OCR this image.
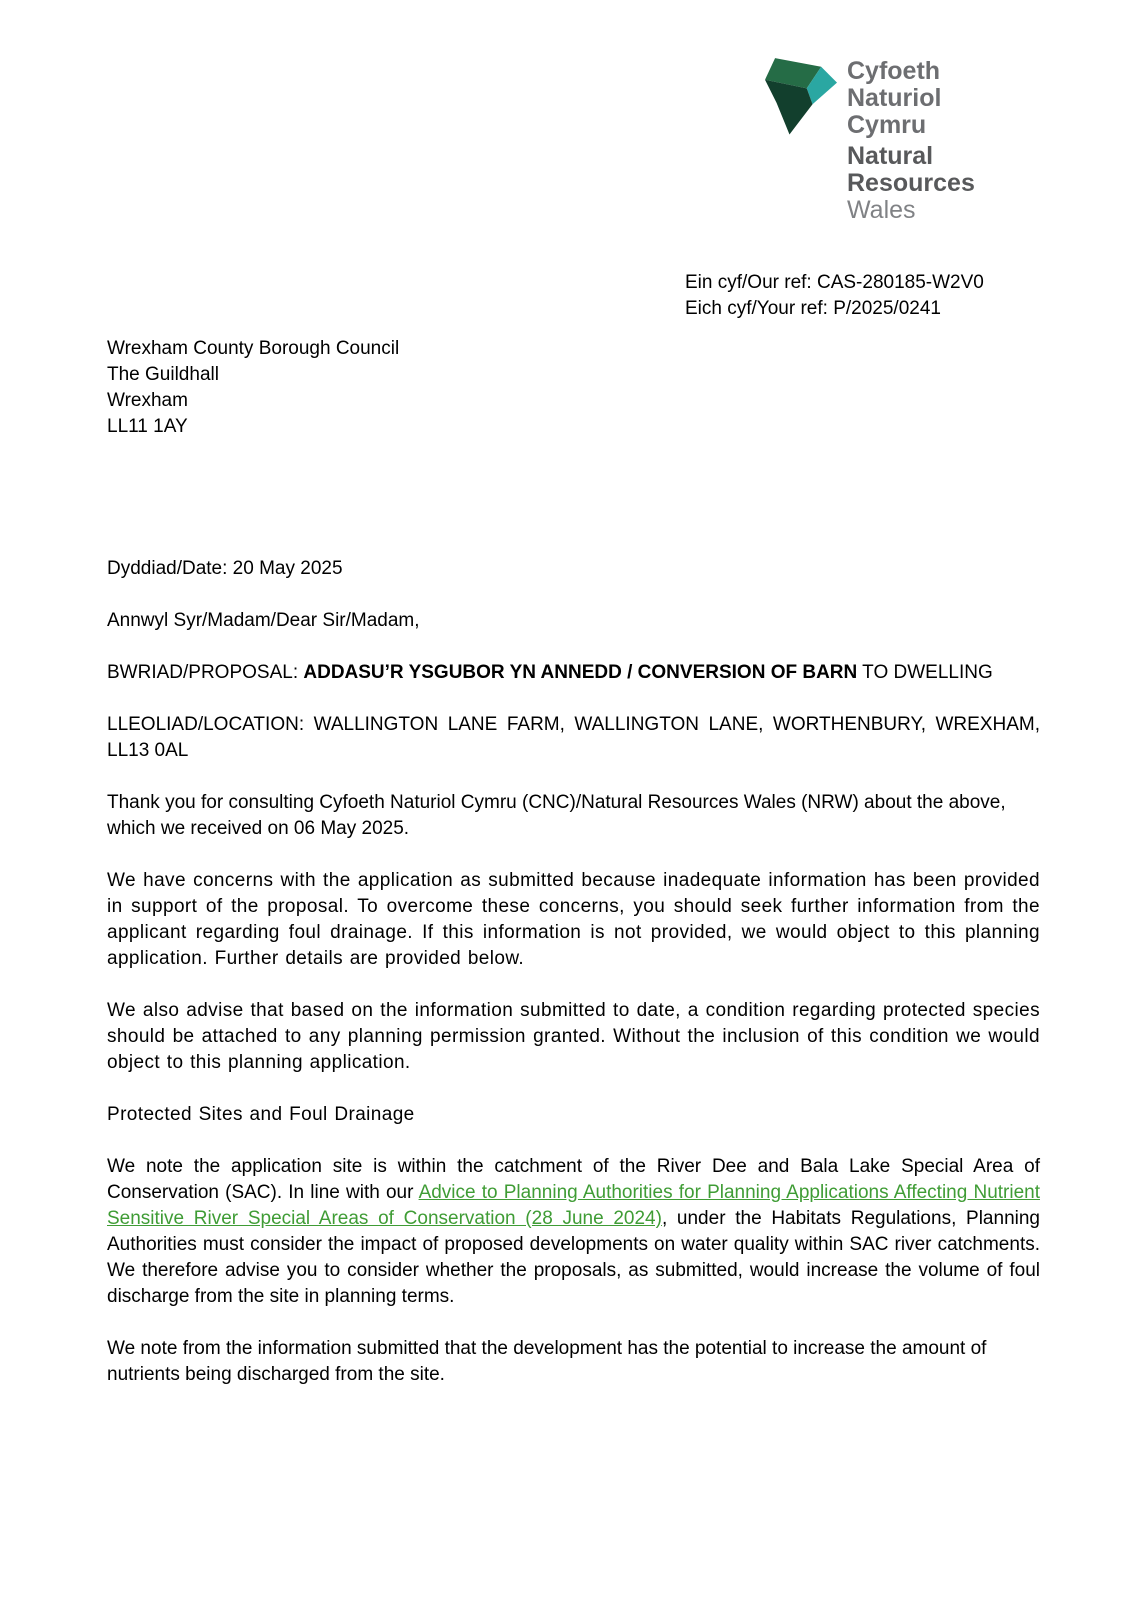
Cyfoeth
Naturiol
Cymru
Natural
Resources
Wales
Ein cyf/Our ref: CAS-280185-W2V0
Eich cyf/Your ref: P/2025/0241

Wrexham County Borough Council

The Guildhall

Wrexham

LL11 1AY

Dyddiad/Date: 20 May 2025

Annwyl Syr/Madam/Dear Sir/Madam,

BWRIAD/PROPOSAL: ADDASU’R YSGUBOR YN ANNEDD / CONVERSION OF BARN TO DWELLING

LLEOLIAD/LOCATION: WALLINGTON LANE FARM, WALLINGTON LANE, WORTHENBURY, WREXHAM, LL13 0AL

Thank you for consulting Cyfoeth Naturiol Cymru (CNC)/Natural Resources Wales (NRW) about the above, which we received on 06 May 2025.

We have concerns with the application as submitted because inadequate information has been provided in support of the proposal. To overcome these concerns, you should seek further information from the applicant regarding foul drainage. If this information is not provided, we would object to this planning application. Further details are provided below.

We also advise that based on the information submitted to date, a condition regarding protected species should be attached to any planning permission granted. Without the inclusion of this condition we would object to this planning application.

Protected Sites and Foul Drainage

We note the application site is within the catchment of the River Dee and Bala Lake Special Area of Conservation (SAC). In line with our Advice to Planning Authorities for Planning Applications Affecting Nutrient Sensitive River Special Areas of Conservation (28 June 2024), under the Habitats Regulations, Planning Authorities must consider the impact of proposed developments on water quality within SAC river catchments. We therefore advise you to consider whether the proposals, as submitted, would increase the volume of foul discharge from the site in planning terms.

We note from the information submitted that the development has the potential to increase the amount of nutrients being discharged from the site.
